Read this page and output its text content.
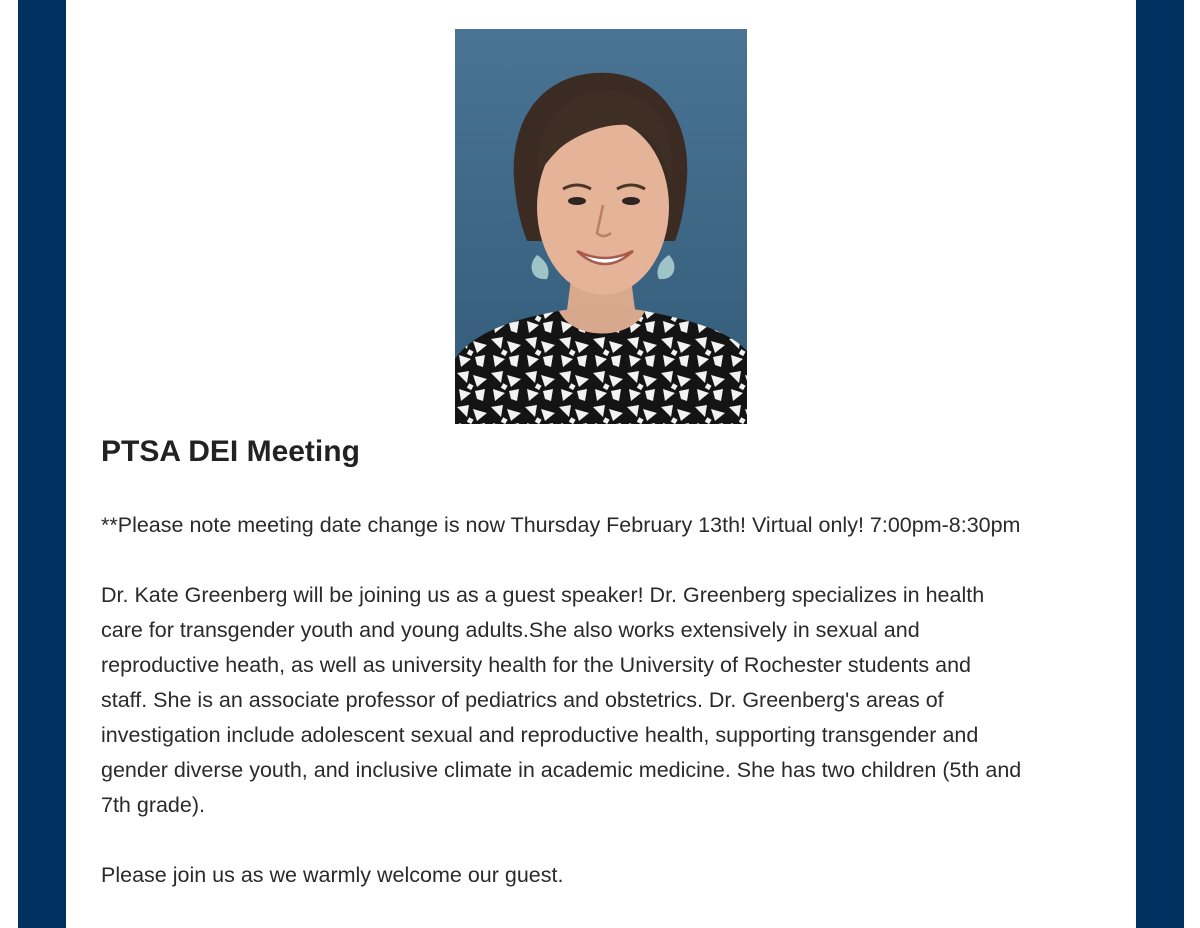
PTSA DEI Meeting

**Please note meeting date change is now Thursday February 13th! Virtual only! 7:00pm-8:30pm

Dr. Kate Greenberg will be joining us as a guest speaker! Dr. Greenberg specializes in health
care for transgender youth and young adults.She also works extensively in sexual and
reproductive heath, as well as university health for the University of Rochester students and
staff. She is an associate professor of pediatrics and obstetrics. Dr. Greenberg's areas of
investigation include adolescent sexual and reproductive health, supporting transgender and
gender diverse youth, and inclusive climate in academic medicine. She has two children (5th and
7th grade).

Please join us as we warmly welcome our guest.
